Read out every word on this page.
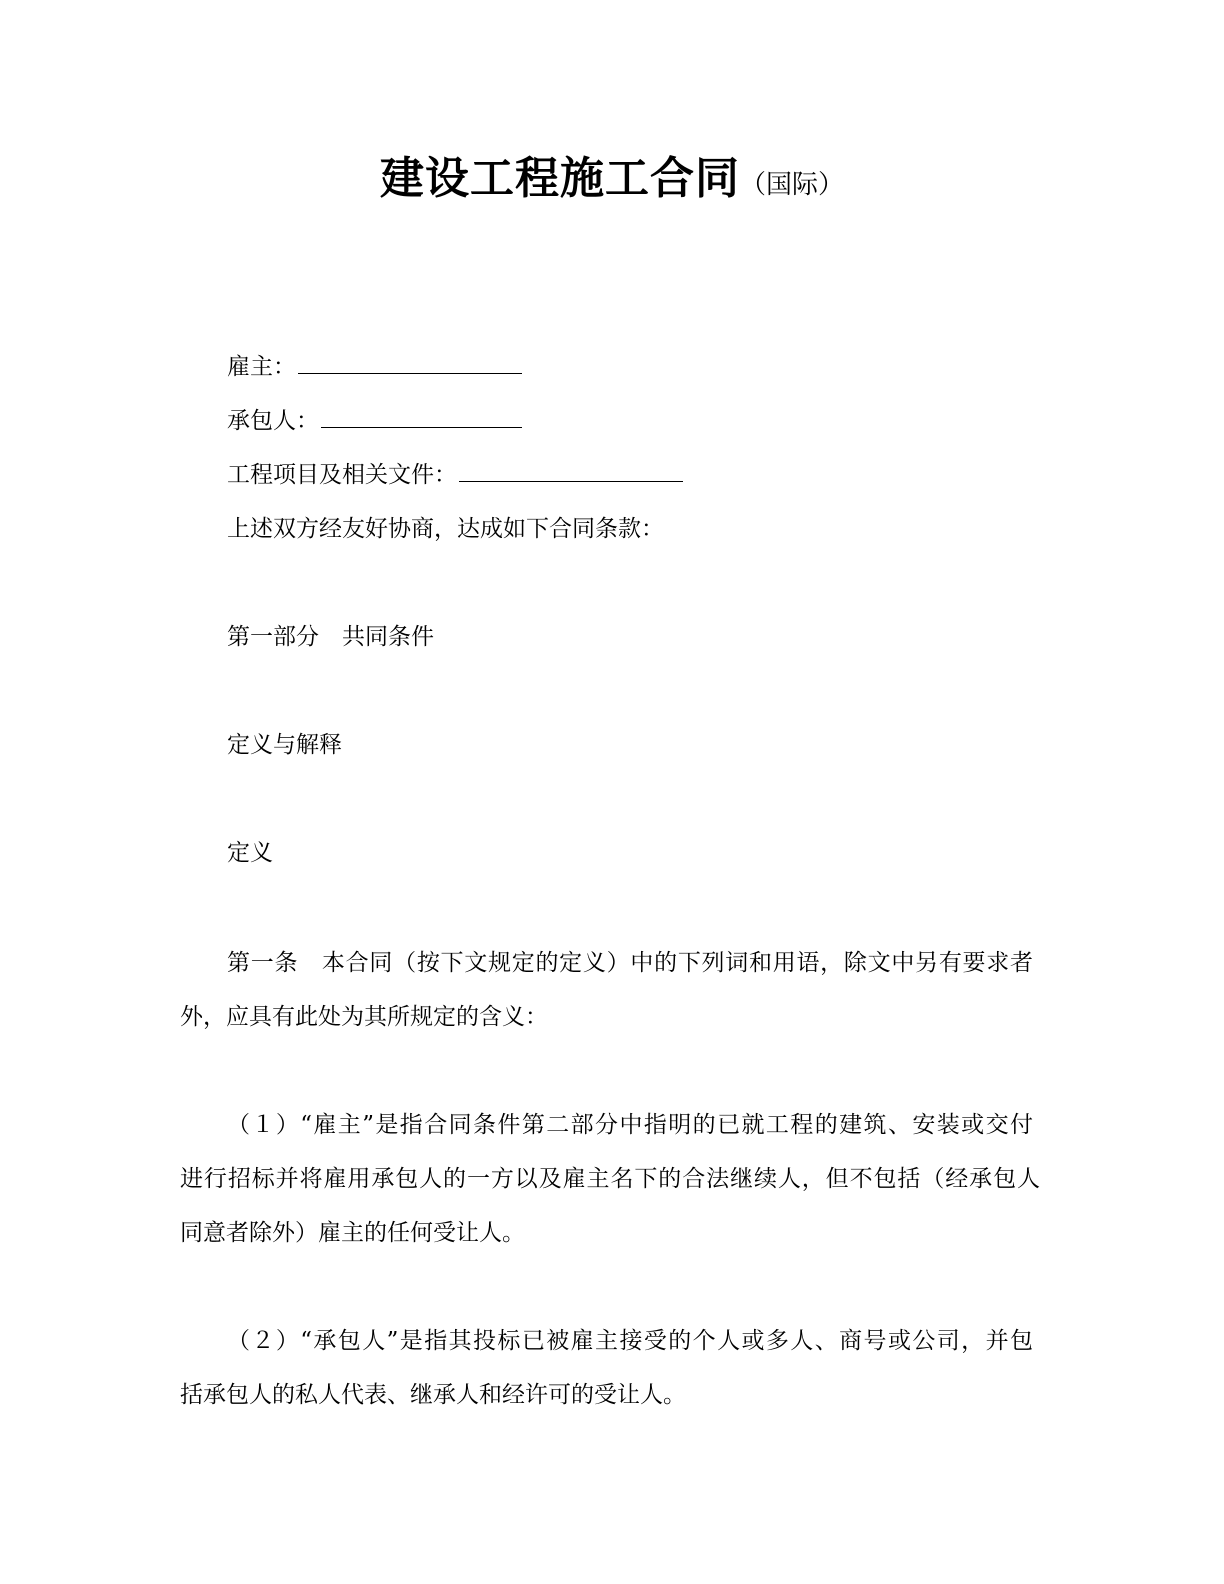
建设工程施工合同（国际）
雇主：
承包人：
工程项目及相关文件：
上述双方经友好协商，达成如下合同条款：
第一部分　共同条件
定义与解释
定义
第一条　本合同（按下文规定的定义）中的下列词和用语，除文中另有要求者
外，应具有此处为其所规定的含义：
（１）“雇主”是指合同条件第二部分中指明的已就工程的建筑、安装或交付
进行招标并将雇用承包人的一方以及雇主名下的合法继续人，但不包括（经承包人
同意者除外）雇主的任何受让人。
（２）“承包人”是指其投标已被雇主接受的个人或多人、商号或公司，并包
括承包人的私人代表、继承人和经许可的受让人。
